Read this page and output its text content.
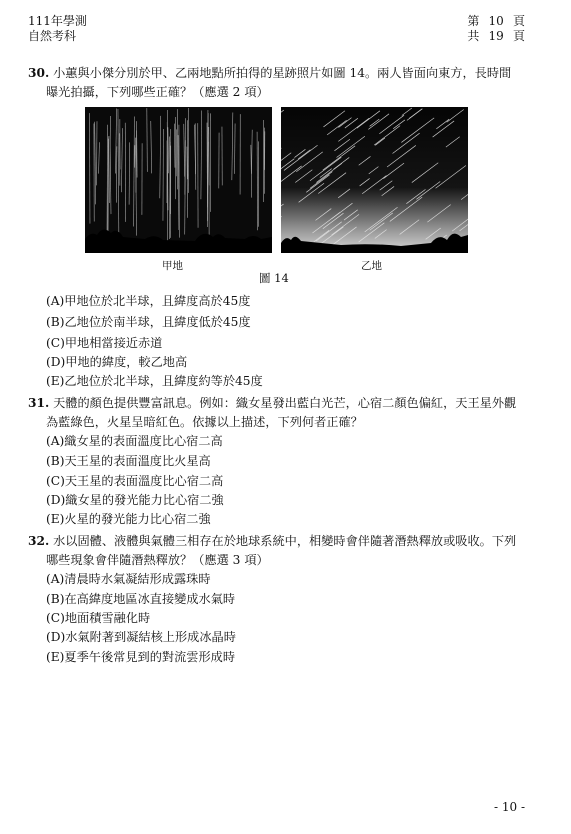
111年學測
自然考科
第 10 頁
共 19 頁
30. 小蕙與小傑分別於甲、乙兩地點所拍得的星跡照片如圖 14。兩人皆面向東方，長時間
曝光拍攝，下列哪些正確？（應選 2 項）
甲地	乙地
圖 14
(A)甲地位於北半球，且緯度高於45度
(B)乙地位於南半球，且緯度低於45度
(C)甲地相當接近赤道
(D)甲地的緯度，較乙地高
(E)乙地位於北半球，且緯度約等於45度
31. 天體的顏色提供豐富訊息。例如：織女星發出藍白光芒，心宿二顏色偏紅，天王星外觀
為藍綠色，火星呈暗紅色。依據以上描述，下列何者正確？
(A)織女星的表面溫度比心宿二高
(B)天王星的表面溫度比火星高
(C)天王星的表面溫度比心宿二高
(D)織女星的發光能力比心宿二強
(E)火星的發光能力比心宿二強
32. 水以固體、液體與氣體三相存在於地球系統中，相變時會伴隨著潛熱釋放或吸收。下列
哪些現象會伴隨潛熱釋放？（應選 3 項）
(A)清晨時水氣凝結形成露珠時
(B)在高緯度地區冰直接變成水氣時
(C)地面積雪融化時
(D)水氣附著到凝結核上形成冰晶時
(E)夏季午後常見到的對流雲形成時
- 10 -
